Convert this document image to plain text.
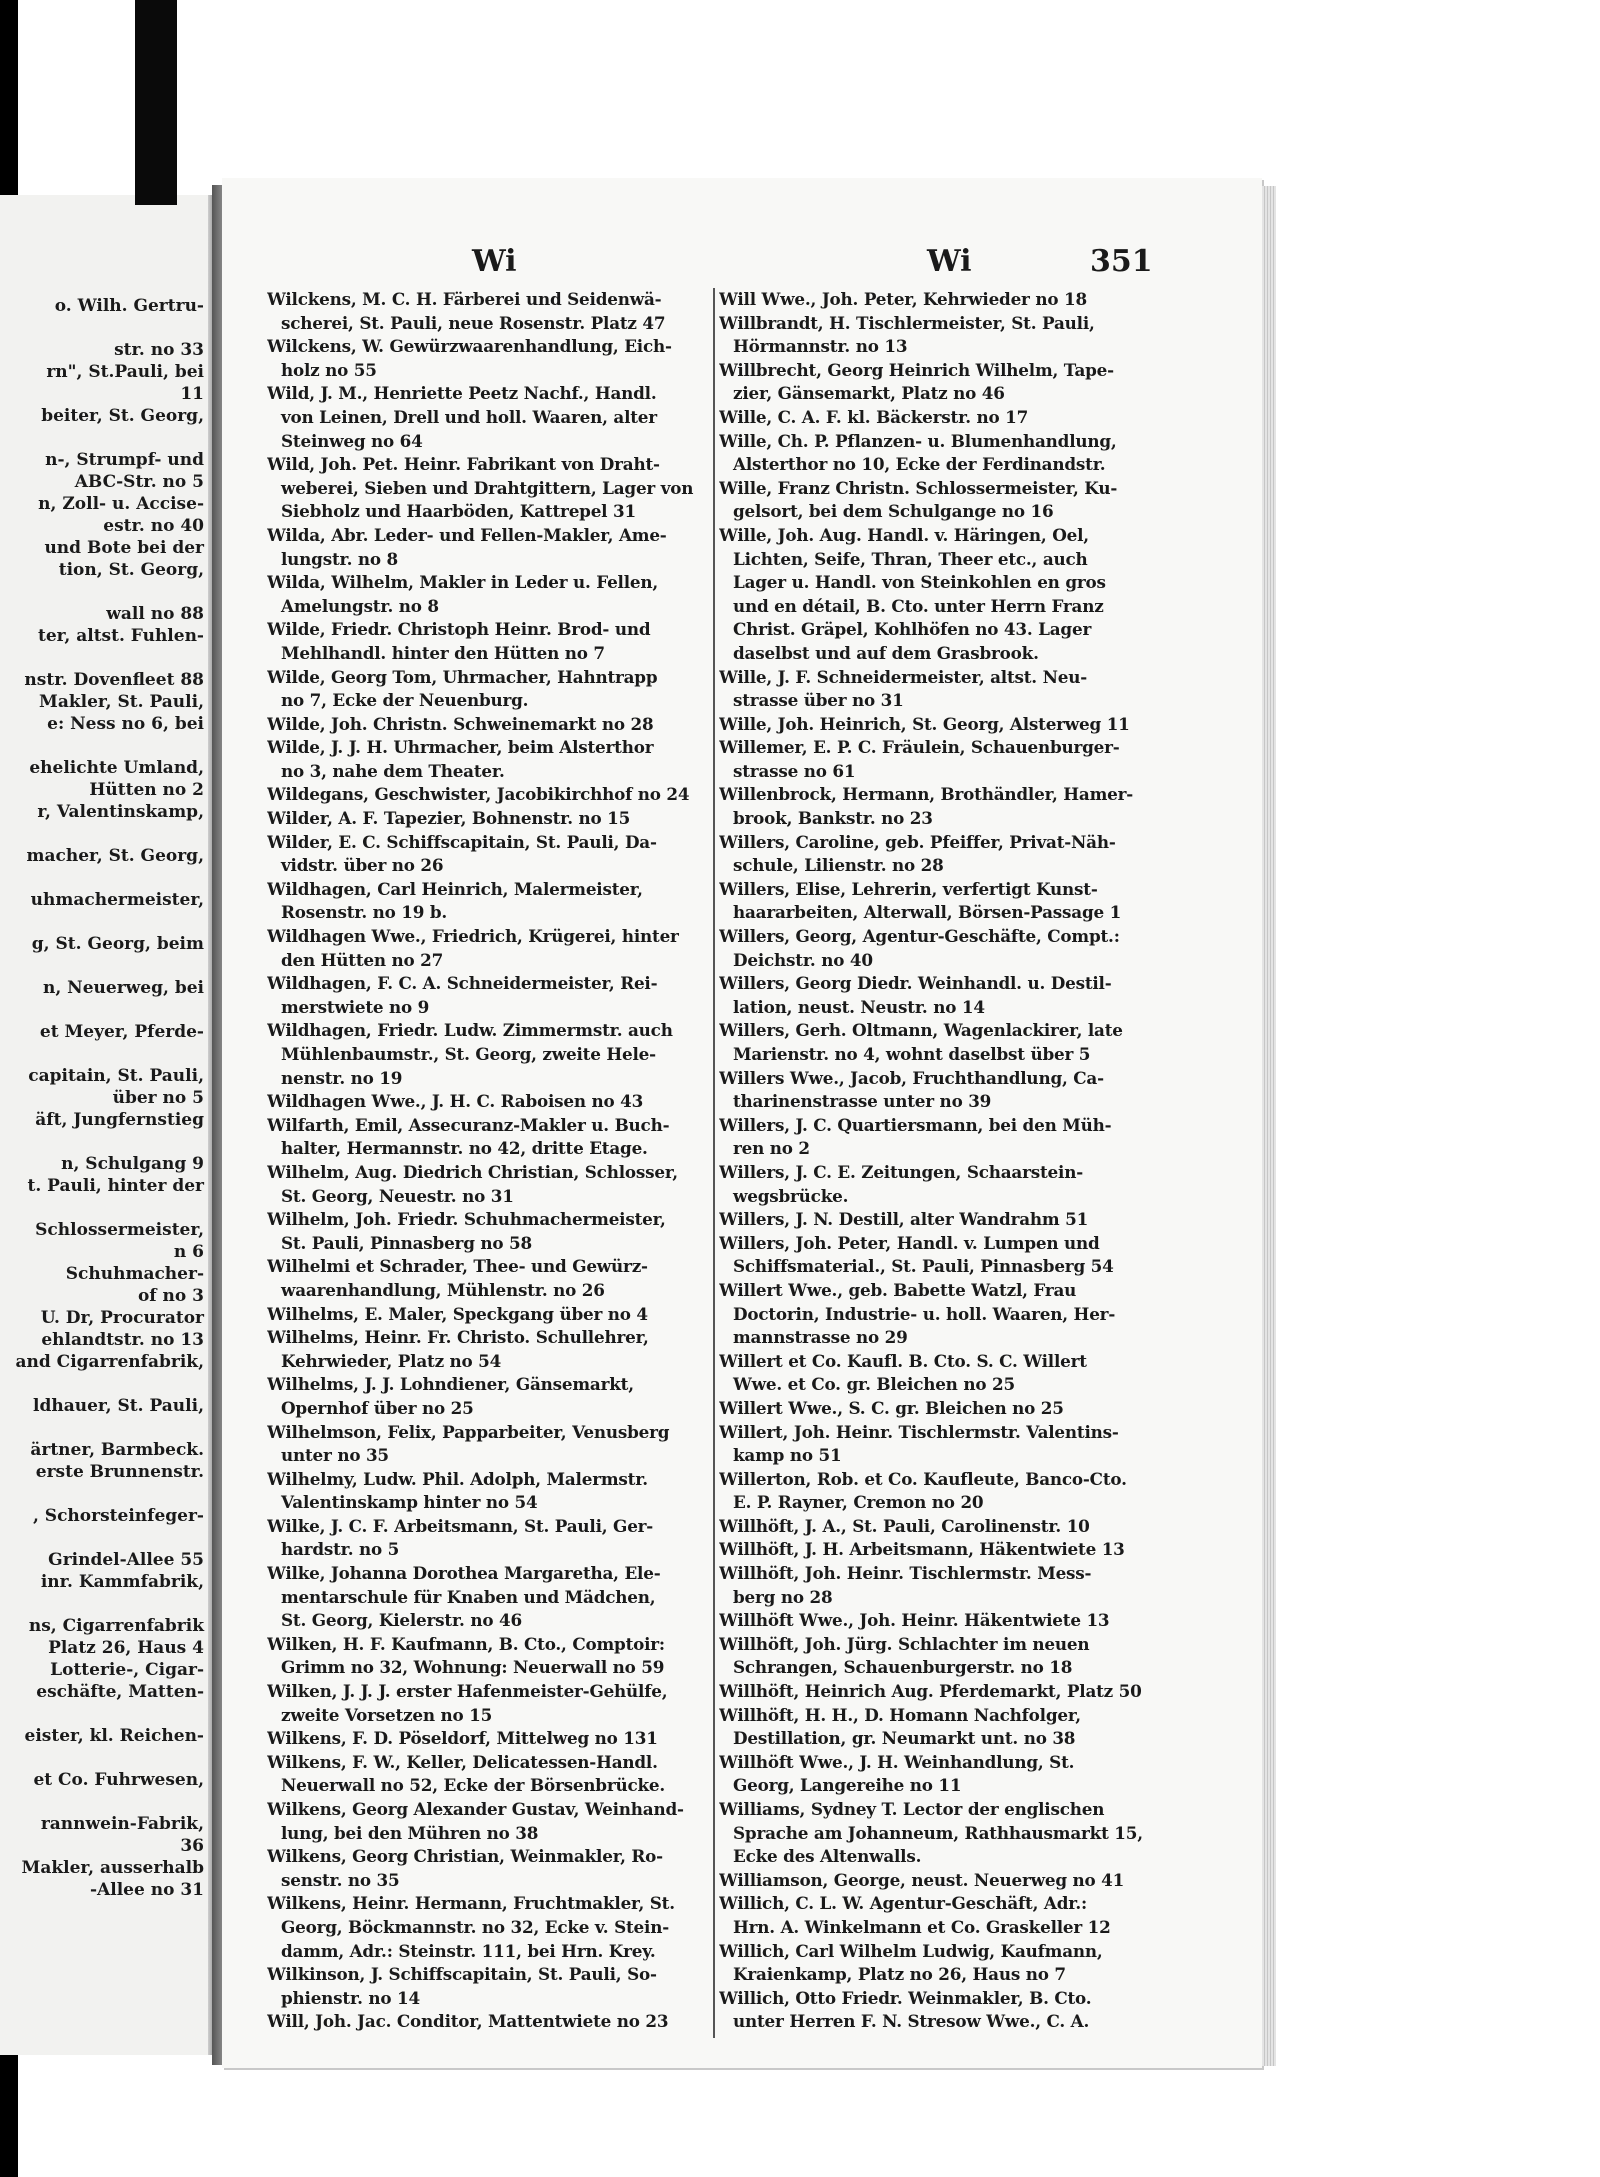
o. Wilh. Gertru-
str. no 33
rn", St.Pauli, bei
11
beiter, St. Georg,
n-, Strumpf- und
ABC-Str. no 5
n, Zoll- u. Accise-
estr. no 40
und Bote bei der
tion, St. Georg,
wall no 88
ter, altst. Fuhlen-
nstr. Dovenfleet 88
Makler, St. Pauli,
e: Ness no 6, bei
ehelichte Umland,
Hütten no 2
r, Valentinskamp,
macher, St. Georg,
uhmachermeister,
g, St. Georg, beim
n, Neuerweg, bei
et Meyer, Pferde-
capitain, St. Pauli,
über no 5
äft, Jungfernstieg
n, Schulgang 9
t. Pauli, hinter der
Schlossermeister,
n 6
Schuhmacher-
of no 3
U. Dr, Procurator
ehlandtstr. no 13
and Cigarrenfabrik,
ldhauer, St. Pauli,
ärtner, Barmbeck.
erste Brunnenstr.
, Schorsteinfeger-
Grindel-Allee 55
inr. Kammfabrik,
ns, Cigarrenfabrik
Platz 26, Haus 4
Lotterie-, Cigar-
eschäfte, Matten-
eister, kl. Reichen-
et Co. Fuhrwesen,
rannwein-Fabrik,
36
Makler, ausserhalb
-Allee no 31
Wi	Wi	351
Wilckens, M. C. H. Färberei und Seidenwä-
scherei, St. Pauli, neue Rosenstr. Platz 47
Wilckens, W. Gewürzwaarenhandlung, Eich-
holz no 55
Wild, J. M., Henriette Peetz Nachf., Handl.
von Leinen, Drell und holl. Waaren, alter
Steinweg no 64
Wild, Joh. Pet. Heinr. Fabrikant von Draht-
weberei, Sieben und Drahtgittern, Lager von
Siebholz und Haarböden, Kattrepel 31
Wilda, Abr. Leder- und Fellen-Makler, Ame-
lungstr. no 8
Wilda, Wilhelm, Makler in Leder u. Fellen,
Amelungstr. no 8
Wilde, Friedr. Christoph Heinr. Brod- und
Mehlhandl. hinter den Hütten no 7
Wilde, Georg Tom, Uhrmacher, Hahntrapp
no 7, Ecke der Neuenburg.
Wilde, Joh. Christn. Schweinemarkt no 28
Wilde, J. J. H. Uhrmacher, beim Alsterthor
no 3, nahe dem Theater.
Wildegans, Geschwister, Jacobikirchhof no 24
Wilder, A. F. Tapezier, Bohnenstr. no 15
Wilder, E. C. Schiffscapitain, St. Pauli, Da-
vidstr. über no 26
Wildhagen, Carl Heinrich, Malermeister,
Rosenstr. no 19 b.
Wildhagen Wwe., Friedrich, Krügerei, hinter
den Hütten no 27
Wildhagen, F. C. A. Schneidermeister, Rei-
merstwiete no 9
Wildhagen, Friedr. Ludw. Zimmermstr. auch
Mühlenbaumstr., St. Georg, zweite Hele-
nenstr. no 19
Wildhagen Wwe., J. H. C. Raboisen no 43
Wilfarth, Emil, Assecuranz-Makler u. Buch-
halter, Hermannstr. no 42, dritte Etage.
Wilhelm, Aug. Diedrich Christian, Schlosser,
St. Georg, Neuestr. no 31
Wilhelm, Joh. Friedr. Schuhmachermeister,
St. Pauli, Pinnasberg no 58
Wilhelmi et Schrader, Thee- und Gewürz-
waarenhandlung, Mühlenstr. no 26
Wilhelms, E. Maler, Speckgang über no 4
Wilhelms, Heinr. Fr. Christo. Schullehrer,
Kehrwieder, Platz no 54
Wilhelms, J. J. Lohndiener, Gänsemarkt,
Opernhof über no 25
Wilhelmson, Felix, Papparbeiter, Venusberg
unter no 35
Wilhelmy, Ludw. Phil. Adolph, Malermstr.
Valentinskamp hinter no 54
Wilke, J. C. F. Arbeitsmann, St. Pauli, Ger-
hardstr. no 5
Wilke, Johanna Dorothea Margaretha, Ele-
mentarschule für Knaben und Mädchen,
St. Georg, Kielerstr. no 46
Wilken, H. F. Kaufmann, B. Cto., Comptoir:
Grimm no 32, Wohnung: Neuerwall no 59
Wilken, J. J. J. erster Hafenmeister-Gehülfe,
zweite Vorsetzen no 15
Wilkens, F. D. Pöseldorf, Mittelweg no 131
Wilkens, F. W., Keller, Delicatessen-Handl.
Neuerwall no 52, Ecke der Börsenbrücke.
Wilkens, Georg Alexander Gustav, Weinhand-
lung, bei den Mühren no 38
Wilkens, Georg Christian, Weinmakler, Ro-
senstr. no 35
Wilkens, Heinr. Hermann, Fruchtmakler, St.
Georg, Böckmannstr. no 32, Ecke v. Stein-
damm, Adr.: Steinstr. 111, bei Hrn. Krey.
Wilkinson, J. Schiffscapitain, St. Pauli, So-
phienstr. no 14
Will, Joh. Jac. Conditor, Mattentwiete no 23
Will Wwe., Joh. Peter, Kehrwieder no 18
Willbrandt, H. Tischlermeister, St. Pauli,
Hörmannstr. no 13
Willbrecht, Georg Heinrich Wilhelm, Tape-
zier, Gänsemarkt, Platz no 46
Wille, C. A. F. kl. Bäckerstr. no 17
Wille, Ch. P. Pflanzen- u. Blumenhandlung,
Alsterthor no 10, Ecke der Ferdinandstr.
Wille, Franz Christn. Schlossermeister, Ku-
gelsort, bei dem Schulgange no 16
Wille, Joh. Aug. Handl. v. Häringen, Oel,
Lichten, Seife, Thran, Theer etc., auch
Lager u. Handl. von Steinkohlen en gros
und en détail, B. Cto. unter Herrn Franz
Christ. Gräpel, Kohlhöfen no 43. Lager
daselbst und auf dem Grasbrook.
Wille, J. F. Schneidermeister, altst. Neu-
strasse über no 31
Wille, Joh. Heinrich, St. Georg, Alsterweg 11
Willemer, E. P. C. Fräulein, Schauenburger-
strasse no 61
Willenbrock, Hermann, Brothändler, Hamer-
brook, Bankstr. no 23
Willers, Caroline, geb. Pfeiffer, Privat-Näh-
schule, Lilienstr. no 28
Willers, Elise, Lehrerin, verfertigt Kunst-
haararbeiten, Alterwall, Börsen-Passage 1
Willers, Georg, Agentur-Geschäfte, Compt.:
Deichstr. no 40
Willers, Georg Diedr. Weinhandl. u. Destil-
lation, neust. Neustr. no 14
Willers, Gerh. Oltmann, Wagenlackirer, late
Marienstr. no 4, wohnt daselbst über 5
Willers Wwe., Jacob, Fruchthandlung, Ca-
tharinenstrasse unter no 39
Willers, J. C. Quartiersmann, bei den Müh-
ren no 2
Willers, J. C. E. Zeitungen, Schaarstein-
wegsbrücke.
Willers, J. N. Destill, alter Wandrahm 51
Willers, Joh. Peter, Handl. v. Lumpen und
Schiffsmaterial., St. Pauli, Pinnasberg 54
Willert Wwe., geb. Babette Watzl, Frau
Doctorin, Industrie- u. holl. Waaren, Her-
mannstrasse no 29
Willert et Co. Kaufl. B. Cto. S. C. Willert
Wwe. et Co. gr. Bleichen no 25
Willert Wwe., S. C. gr. Bleichen no 25
Willert, Joh. Heinr. Tischlermstr. Valentins-
kamp no 51
Willerton, Rob. et Co. Kaufleute, Banco-Cto.
E. P. Rayner, Cremon no 20
Willhöft, J. A., St. Pauli, Carolinenstr. 10
Willhöft, J. H. Arbeitsmann, Häkentwiete 13
Willhöft, Joh. Heinr. Tischlermstr. Mess-
berg no 28
Willhöft Wwe., Joh. Heinr. Häkentwiete 13
Willhöft, Joh. Jürg. Schlachter im neuen
Schrangen, Schauenburgerstr. no 18
Willhöft, Heinrich Aug. Pferdemarkt, Platz 50
Willhöft, H. H., D. Homann Nachfolger,
Destillation, gr. Neumarkt unt. no 38
Willhöft Wwe., J. H. Weinhandlung, St.
Georg, Langereihe no 11
Williams, Sydney T. Lector der englischen
Sprache am Johanneum, Rathhausmarkt 15,
Ecke des Altenwalls.
Williamson, George, neust. Neuerweg no 41
Willich, C. L. W. Agentur-Geschäft, Adr.:
Hrn. A. Winkelmann et Co. Graskeller 12
Willich, Carl Wilhelm Ludwig, Kaufmann,
Kraienkamp, Platz no 26, Haus no 7
Willich, Otto Friedr. Weinmakler, B. Cto.
unter Herren F. N. Stresow Wwe., C. A.
